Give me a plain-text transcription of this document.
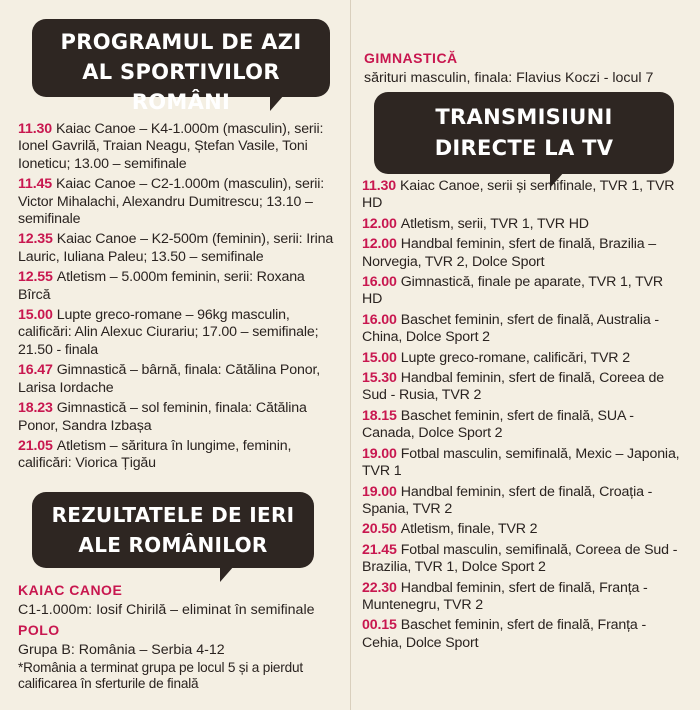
PROGRAMUL DE AZI
AL SPORTIVILOR ROMÂNI
11.30 Kaiac Canoe – K4-1.000m (masculin), serii: Ionel Gavrilă, Traian Neagu, Ștefan Vasile, Toni Ioneticu; 13.00 – semifinale
11.45 Kaiac Canoe – C2-1.000m (masculin), serii: Victor Mihalachi, Alexandru Dumitrescu; 13.10 – semifinale
12.35 Kaiac Canoe – K2-500m (feminin), serii: Irina Lauric, Iuliana Paleu; 13.50 – semifinale
12.55 Atletism – 5.000m feminin, serii: Roxana Bîrcă
15.00 Lupte greco-romane – 96kg masculin, calificări: Alin Alexuc Ciurariu; 17.00 – semifinale; 21.50 - finala
16.47 Gimnastică – bârnă, finala: Cătălina Ponor, Larisa Iordache
18.23 Gimnastică – sol feminin, finala: Cătălina Ponor, Sandra Izbașa
21.05 Atletism – săritura în lungime, feminin, calificări: Viorica Țigău
REZULTATELE DE IERI
ALE ROMÂNILOR
KAIAC CANOE
C1-1.000m: Iosif Chirilă – eliminat în semifinale
POLO
Grupa B: România – Serbia 4-12
*România a terminat grupa pe locul 5 și a pierdut calificarea în sferturile de finală
GIMNASTICĂ
sărituri masculin, finala: Flavius Koczi - locul 7
TRANSMISIUNI
DIRECTE LA TV
11.30 Kaiac Canoe, serii și semifinale, TVR 1, TVR HD
12.00 Atletism, serii, TVR 1, TVR HD
12.00 Handbal feminin, sfert de finală, Brazilia – Norvegia, TVR 2, Dolce Sport
16.00 Gimnastică, finale pe aparate, TVR 1, TVR HD
16.00 Baschet feminin, sfert de finală, Australia - China, Dolce Sport 2
15.00 Lupte greco-romane, calificări, TVR 2
15.30 Handbal feminin, sfert de finală, Coreea de Sud - Rusia, TVR 2
18.15 Baschet feminin, sfert de finală, SUA - Canada, Dolce Sport 2
19.00 Fotbal masculin, semifinală, Mexic – Japonia, TVR 1
19.00 Handbal feminin, sfert de finală, Croația - Spania, TVR 2
20.50 Atletism, finale, TVR 2
21.45 Fotbal masculin, semifinală, Coreea de Sud - Brazilia, TVR 1, Dolce Sport 2
22.30 Handbal feminin, sfert de finală, Franța - Muntenegru, TVR 2
00.15 Baschet feminin, sfert de finală, Franța - Cehia, Dolce Sport
